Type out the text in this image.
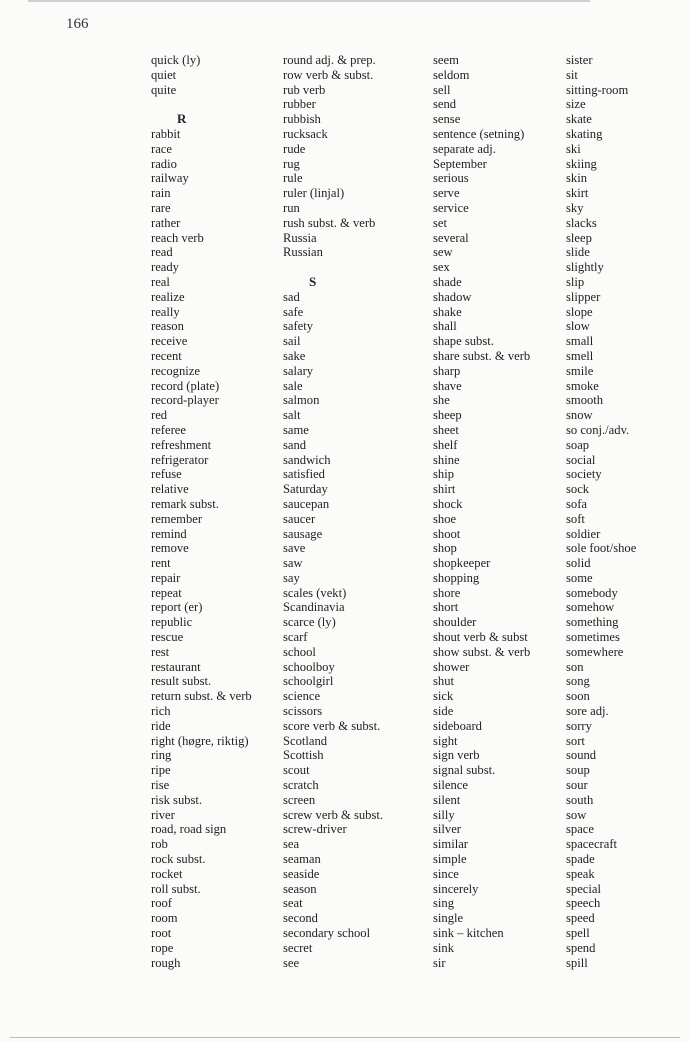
166
quick (ly)
quiet
quite
R
rabbit
race
radio
railway
rain
rare
rather
reach verb
read
ready
real
realize
really
reason
receive
recent
recognize
record (plate)
record-player
red
referee
refreshment
refrigerator
refuse
relative
remark subst.
remember
remind
remove
rent
repair
repeat
report (er)
republic
rescue
rest
restaurant
result subst.
return subst. & verb
rich
ride
right (høgre, riktig)
ring
ripe
rise
risk subst.
river
road, road sign
rob
rock subst.
rocket
roll subst.
roof
room
root
rope
rough
round adj. & prep.
row verb & subst.
rub verb
rubber
rubbish
rucksack
rude
rug
rule
ruler (linjal)
run
rush subst. & verb
Russia
Russian
S
sad
safe
safety
sail
sake
salary
sale
salmon
salt
same
sand
sandwich
satisfied
Saturday
saucepan
saucer
sausage
save
saw
say
scales (vekt)
Scandinavia
scarce (ly)
scarf
school
schoolboy
schoolgirl
science
scissors
score verb & subst.
Scotland
Scottish
scout
scratch
screen
screw verb & subst.
screw-driver
sea
seaman
seaside
season
seat
second
secondary school
secret
see
seem
seldom
sell
send
sense
sentence (setning)
separate adj.
September
serious
serve
service
set
several
sew
sex
shade
shadow
shake
shall
shape subst.
share subst. & verb
sharp
shave
she
sheep
sheet
shelf
shine
ship
shirt
shock
shoe
shoot
shop
shopkeeper
shopping
shore
short
shoulder
shout verb & subst
show subst. & verb
shower
shut
sick
side
sideboard
sight
sign verb
signal subst.
silence
silent
silly
silver
similar
simple
since
sincerely
sing
single
sink – kitchen
sink
sir
sister
sit
sitting-room
size
skate
skating
ski
skiing
skin
skirt
sky
slacks
sleep
slide
slightly
slip
slipper
slope
slow
small
smell
smile
smoke
smooth
snow
so conj./adv.
soap
social
society
sock
sofa
soft
soldier
sole foot/shoe
solid
some
somebody
somehow
something
sometimes
somewhere
son
song
soon
sore adj.
sorry
sort
sound
soup
sour
south
sow
space
spacecraft
spade
speak
special
speech
speed
spell
spend
spill
